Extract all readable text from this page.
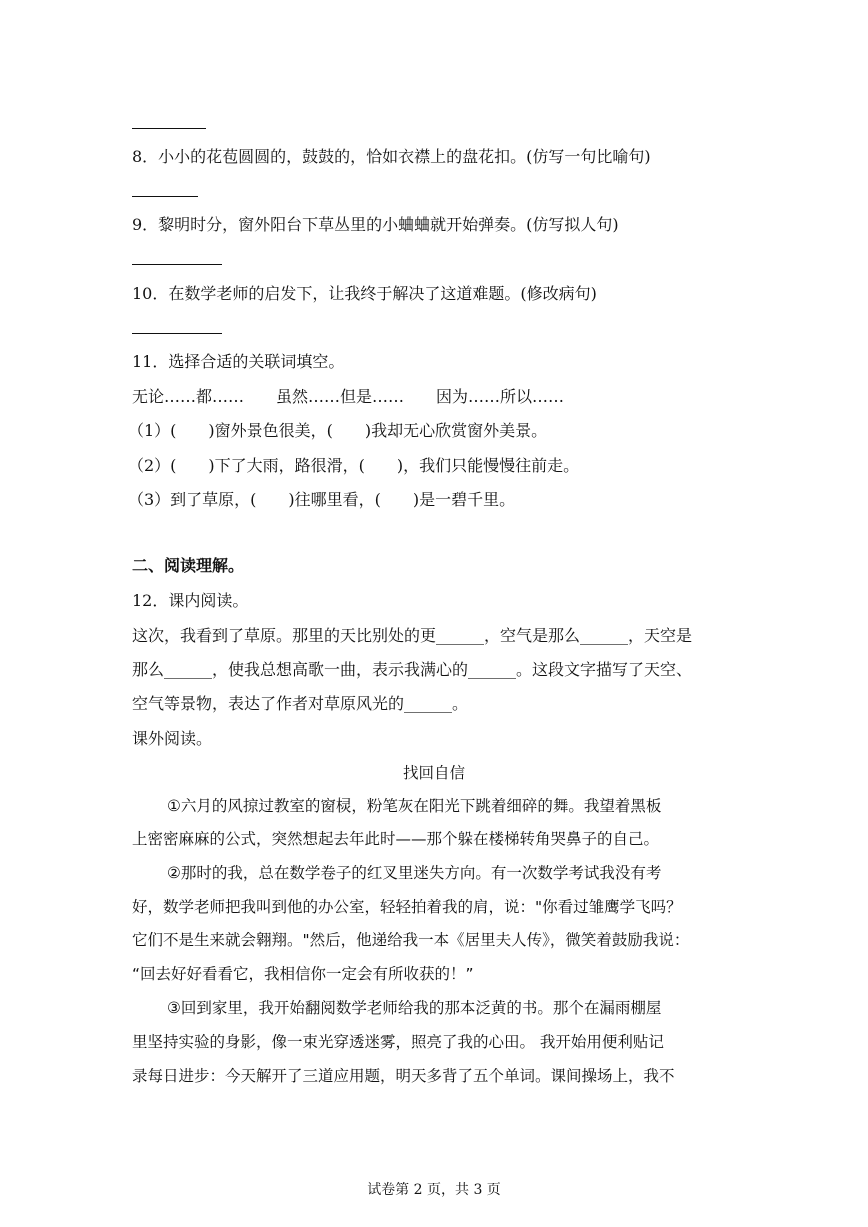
8．小小的花苞圆圆的，鼓鼓的，恰如衣襟上的盘花扣。(仿写一句比喻句)
9．黎明时分，窗外阳台下草丛里的小蛐蛐就开始弹奏。(仿写拟人句)
10．在数学老师的启发下，让我终于解决了这道难题。(修改病句)
11．选择合适的关联词填空。
无论……都……　　虽然……但是……　　因为……所以……
（1）(　　)窗外景色很美，(　　)我却无心欣赏窗外美景。
（2）(　　)下了大雨，路很滑，(　　)，我们只能慢慢往前走。
（3）到了草原，(　　)往哪里看，(　　)是一碧千里。
二、阅读理解。
12．课内阅读。
这次，我看到了草原。那里的天比别处的更______，空气是那么______，天空是
那么______，使我总想高歌一曲，表示我满心的______。这段文字描写了天空、
空气等景物，表达了作者对草原风光的______。
课外阅读。
找回自信
①六月的风掠过教室的窗棂，粉笔灰在阳光下跳着细碎的舞。我望着黑板
上密密麻麻的公式，突然想起去年此时——那个躲在楼梯转角哭鼻子的自己。
②那时的我，总在数学卷子的红叉里迷失方向。有一次数学考试我没有考
好，数学老师把我叫到他的办公室，轻轻拍着我的肩，说："你看过雏鹰学飞吗？
它们不是生来就会翱翔。"然后，他递给我一本《居里夫人传》，微笑着鼓励我说：
“回去好好看看它，我相信你一定会有所收获的！”
③回到家里，我开始翻阅数学老师给我的那本泛黄的书。那个在漏雨棚屋
里坚持实验的身影，像一束光穿透迷雾，照亮了我的心田。 我开始用便利贴记
录每日进步：今天解开了三道应用题，明天多背了五个单词。课间操场上，我不
试卷第 2 页，共 3 页
